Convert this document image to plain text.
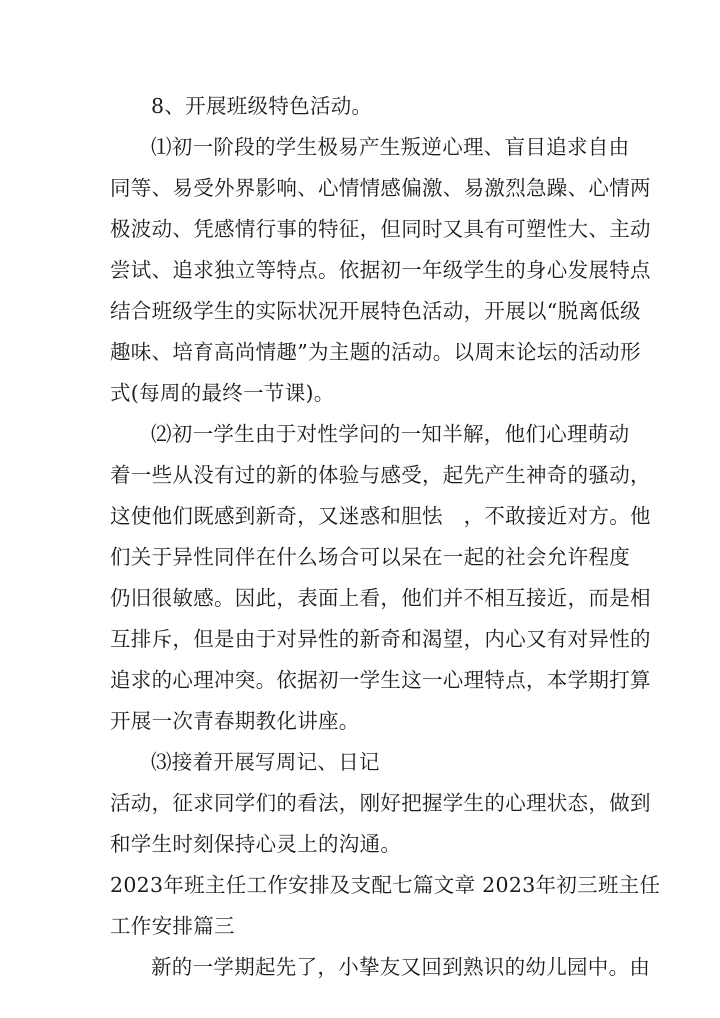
8、开展班级特色活动。
⑴初一阶段的学生极易产生叛逆心理、盲目追求自由
同等、易受外界影响、心情情感偏激、易激烈急躁、心情两
极波动、凭感情行事的特征，但同时又具有可塑性大、主动
尝试、追求独立等特点。依据初一年级学生的身心发展特点
结合班级学生的实际状况开展特色活动，开展以“脱离低级
趣味、培育高尚情趣”为主题的活动。以周末论坛的活动形
式(每周的最终一节课)。
⑵初一学生由于对性学问的一知半解，他们心理萌动
着一些从没有过的新的体验与感受，起先产生神奇的骚动，
这使他们既感到新奇，又迷惑和胆怯　，不敢接近对方。他
们关于异性同伴在什么场合可以呆在一起的社会允许程度
仍旧很敏感。因此，表面上看，他们并不相互接近，而是相
互排斥，但是由于对异性的新奇和渴望，内心又有对异性的
追求的心理冲突。依据初一学生这一心理特点，本学期打算
开展一次青春期教化讲座。
⑶接着开展写周记、日记
活动，征求同学们的看法，刚好把握学生的心理状态，做到
和学生时刻保持心灵上的沟通。
2023年班主任工作安排及支配七篇文章 2023年初三班主任
工作安排篇三
新的一学期起先了，小挚友又回到熟识的幼儿园中。由
